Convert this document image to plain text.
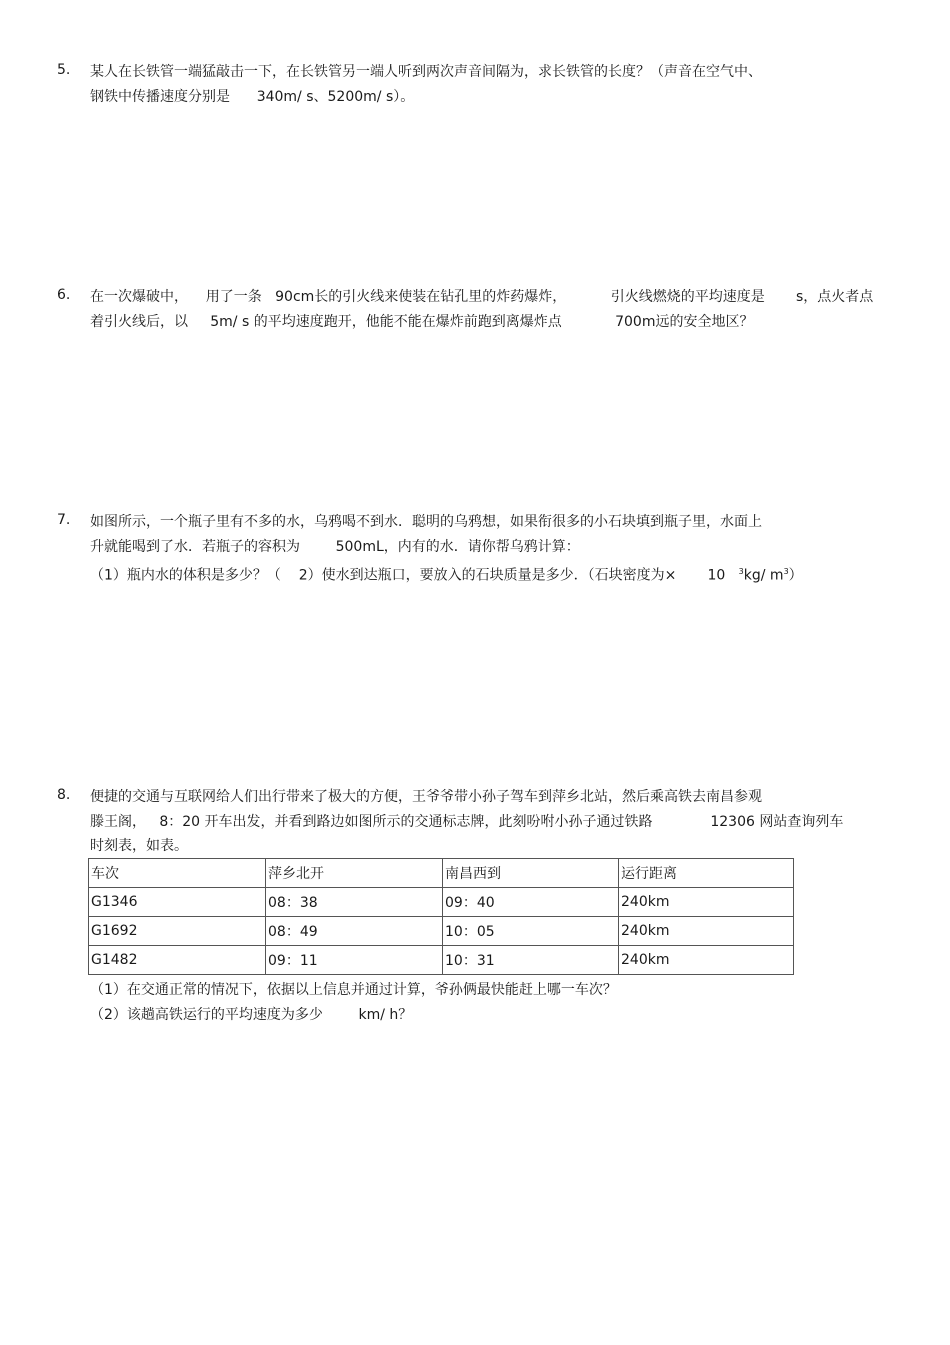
5. 某人在长铁管一端猛敲击一下，在长铁管另一端人听到两次声音间隔为，求长铁管的长度？（声音在空气中、
钢铁中传播速度分别是      340m/ s、5200m/ s）。
6. 在一次爆破中，    用了一条   90cm长的引火线来使装在钻孔里的炸药爆炸，          引火线燃烧的平均速度是       s，点火者点
着引火线后，以     5m/ s 的平均速度跑开，他能不能在爆炸前跑到离爆炸点            700m远的安全地区？
7. 如图所示，一个瓶子里有不多的水，乌鸦喝不到水．聪明的乌鸦想，如果衔很多的小石块填到瓶子里，水面上
升就能喝到了水．若瓶子的容积为        500mL，内有的水．请你帮乌鸦计算：
（1）瓶内水的体积是多少？（    2）使水到达瓶口，要放入的石块质量是多少．（石块密度为×       10   $^3$kg/ $m^3$）
8. 便捷的交通与互联网给人们出行带来了极大的方便，王爷爷带小孙子驾车到萍乡北站，然后乘高铁去南昌参观
滕王阁，   8：20 开车出发，并看到路边如图所示的交通标志牌，此刻吩咐小孙子通过铁路             12306 网站查询列车
时刻表，如表。
车次	萍乡北开	南昌西到	运行距离
G1346	08：38	09：40	240km
G1692	08：49	10：05	240km
G1482	09：11	10：31	240km
（1）在交通正常的情况下，依据以上信息并通过计算，爷孙俩最快能赶上哪一车次？
（2）该趟高铁运行的平均速度为多少        km/ h？
